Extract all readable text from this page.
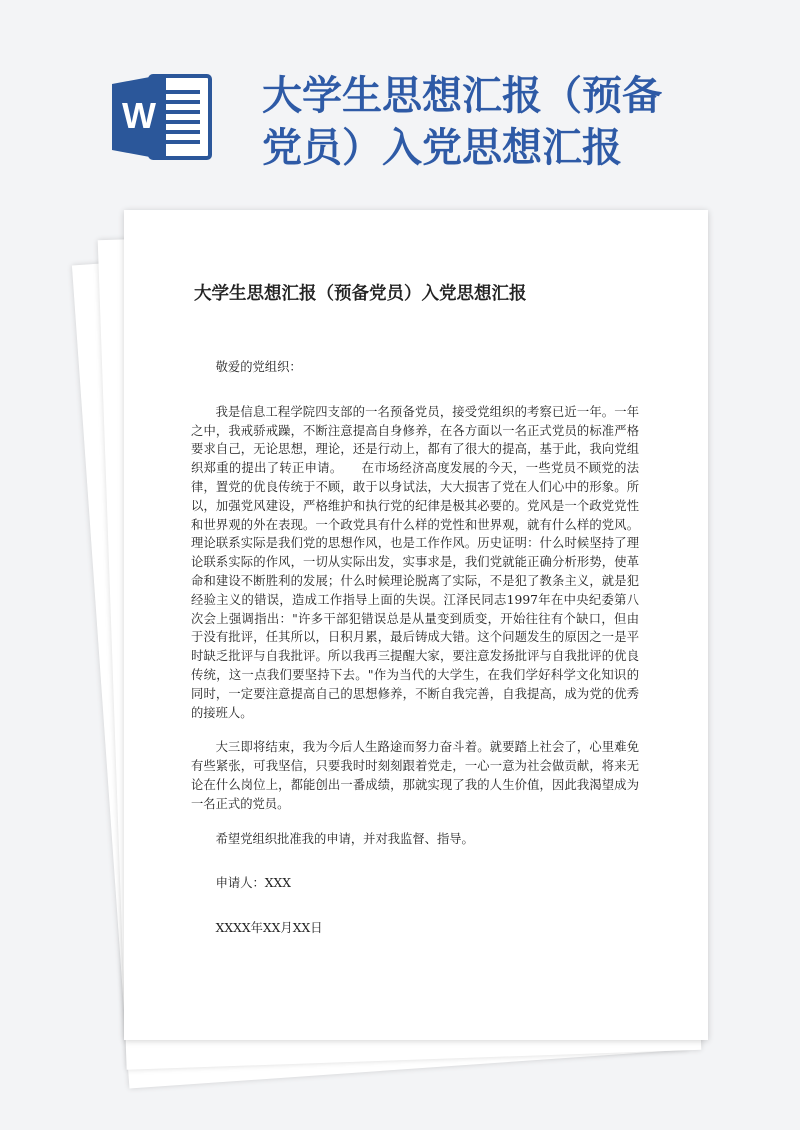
W	大学生思想汇报（预备
党员）入党思想汇报
大学生思想汇报（预备党员）入党思想汇报

敬爱的党组织：

我是信息工程学院四支部的一名预备党员，接受党组织的考察已近一年。一年之中，我戒骄戒躁，不断注意提高自身修养，在各方面以一名正式党员的标准严格要求自己，无论思想，理论，还是行动上，都有了很大的提高，基于此，我向党组织郑重的提出了转正申请。　　在市场经济高度发展的今天，一些党员不顾党的法律，置党的优良传统于不顾，敢于以身试法，大大损害了党在人们心中的形象。所以，加强党风建设，严格维护和执行党的纪律是极其必要的。党风是一个政党党性和世界观的外在表现。一个政党具有什么样的党性和世界观，就有什么样的党风。理论联系实际是我们党的思想作风，也是工作作风。历史证明：什么时候坚持了理论联系实际的作风，一切从实际出发，实事求是，我们党就能正确分析形势，使革命和建设不断胜利的发展；什么时候理论脱离了实际，不是犯了教条主义，就是犯经验主义的错误，造成工作指导上面的失误。江泽民同志1997年在中央纪委第八次会上强调指出："许多干部犯错误总是从量变到质变，开始往往有个缺口，但由于没有批评，任其所以，日积月累，最后铸成大错。这个问题发生的原因之一是平时缺乏批评与自我批评。所以我再三提醒大家，要注意发扬批评与自我批评的优良传统，这一点我们要坚持下去。"作为当代的大学生，在我们学好科学文化知识的同时，一定要注意提高自己的思想修养，不断自我完善，自我提高，成为党的优秀的接班人。

大三即将结束，我为今后人生路途而努力奋斗着。就要踏上社会了，心里难免有些紧张，可我坚信，只要我时时刻刻跟着党走，一心一意为社会做贡献，将来无论在什么岗位上，都能创出一番成绩，那就实现了我的人生价值，因此我渴望成为一名正式的党员。

希望党组织批准我的申请，并对我监督、指导。

申请人：XXX

XXXX年XX月XX日
